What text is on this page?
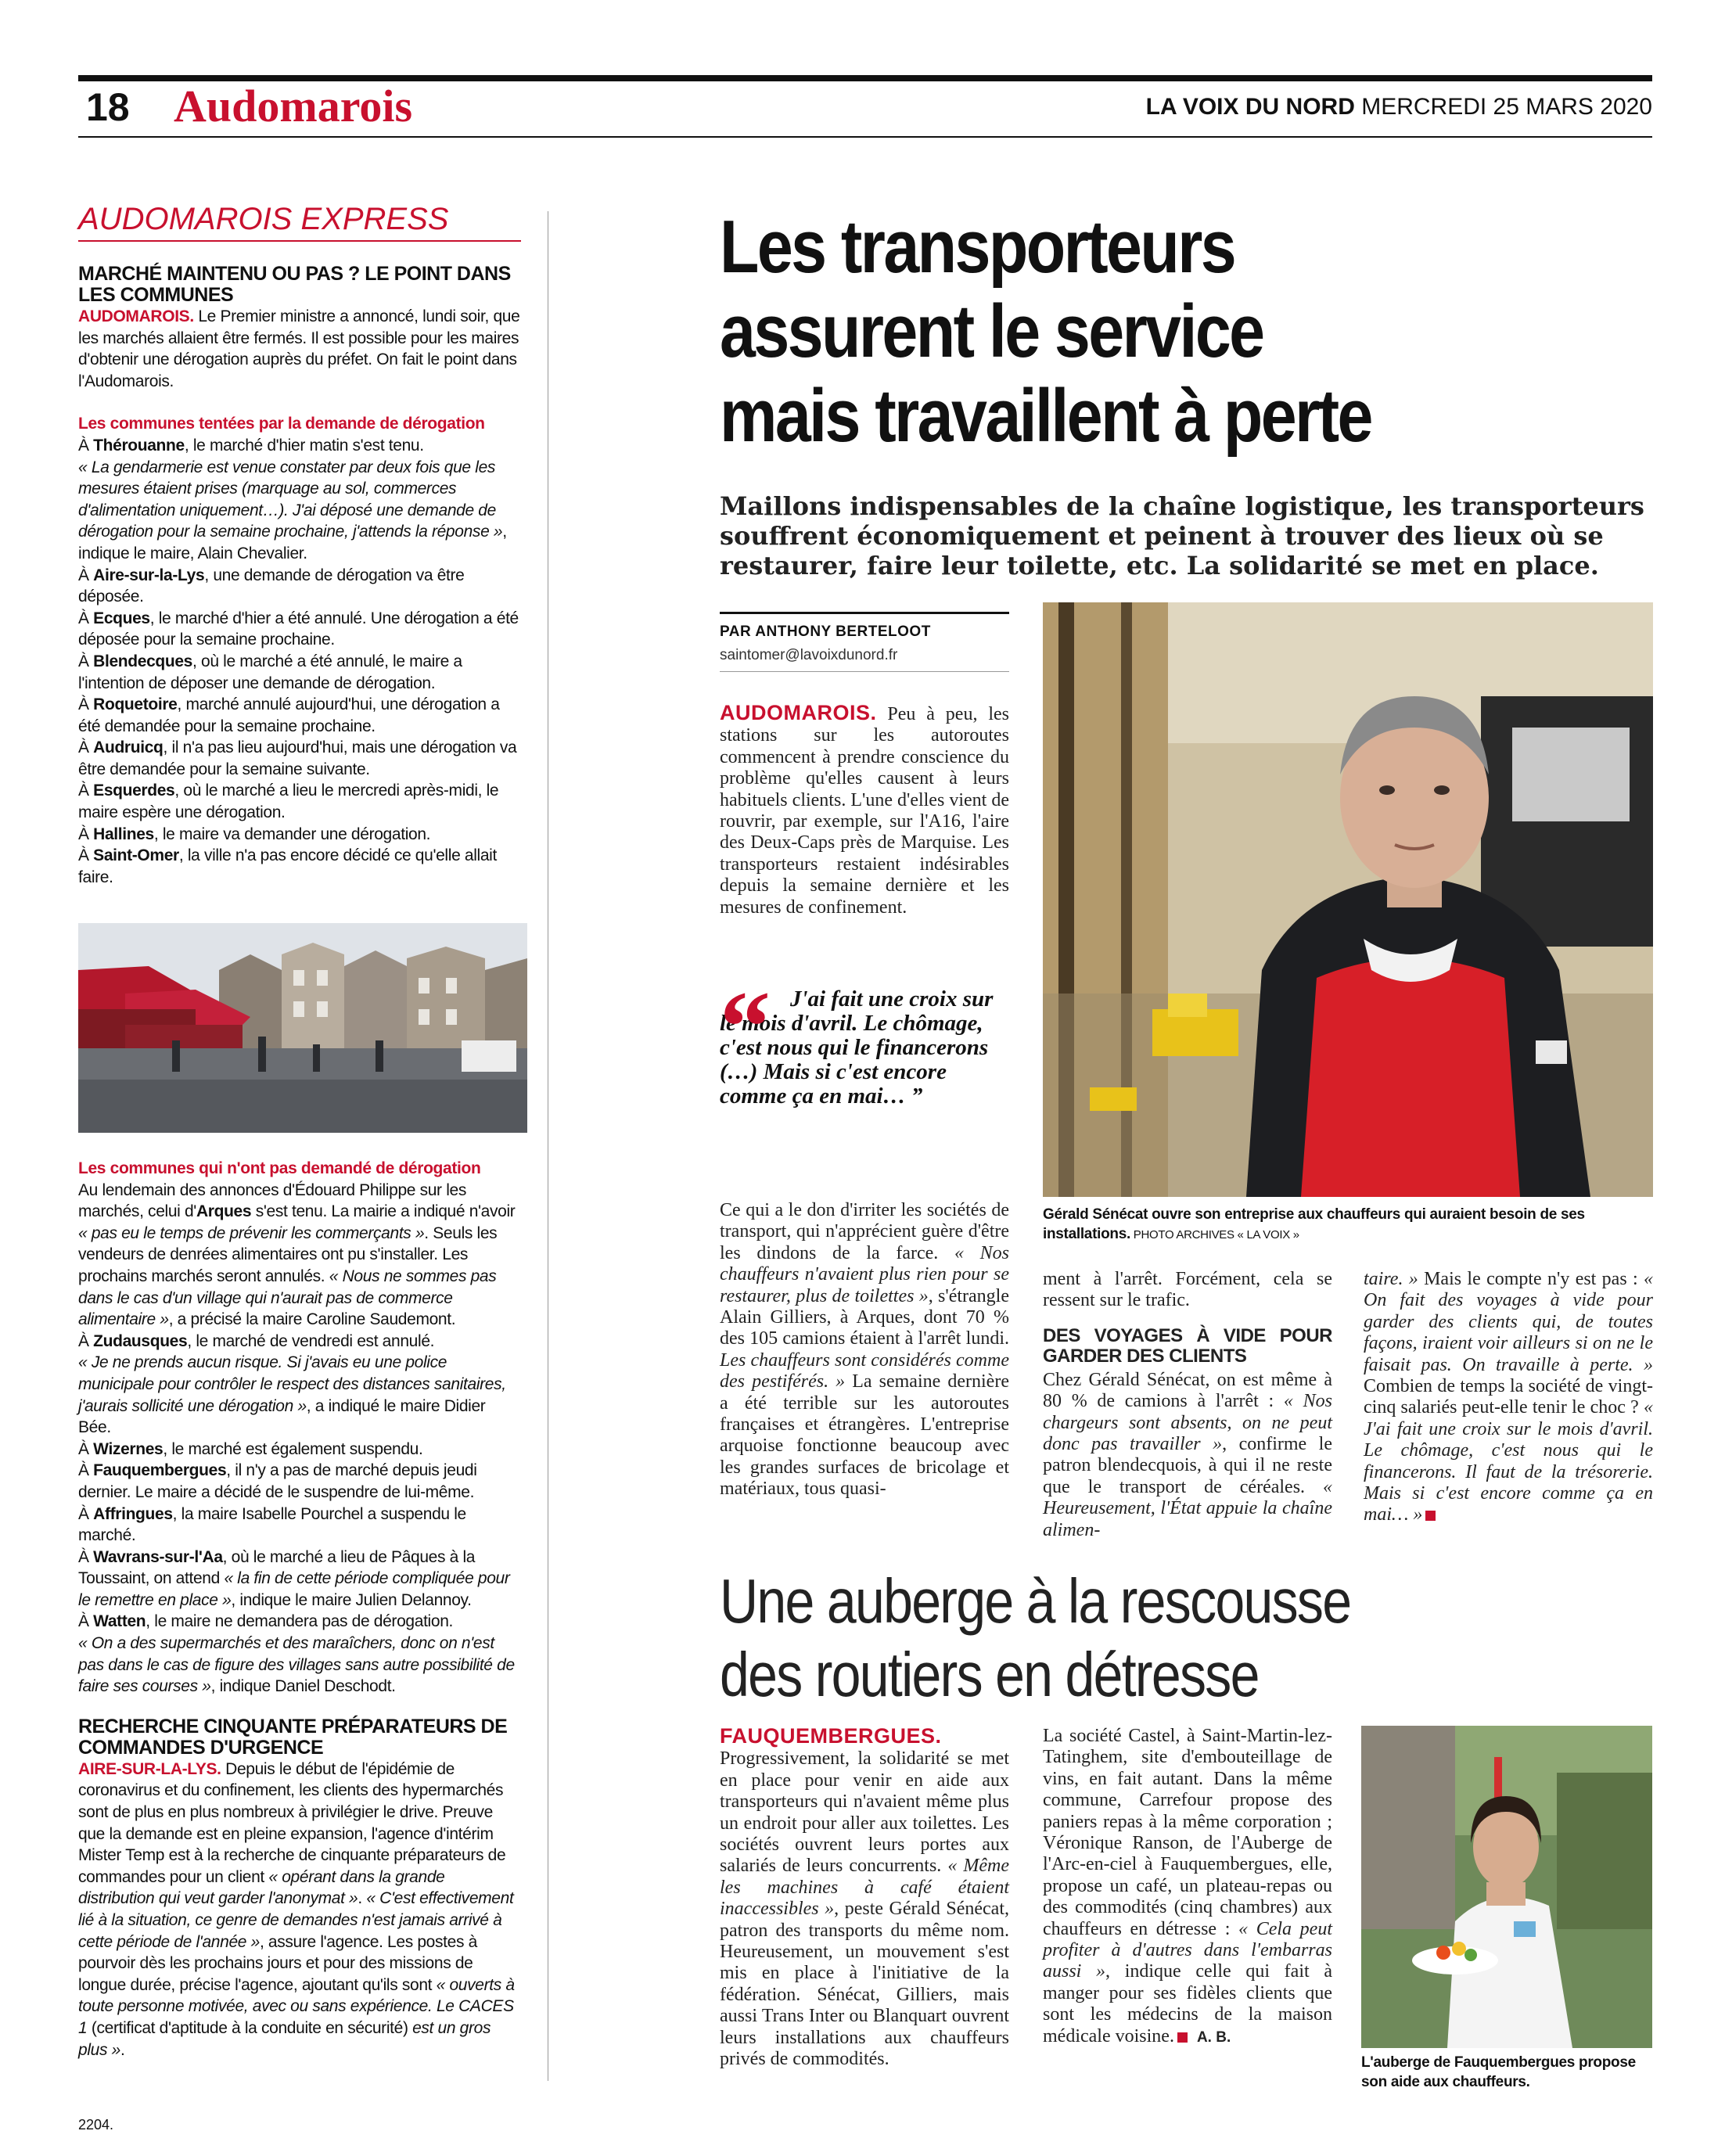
18 Audomarois	LA VOIX DU NORD MERCREDI 25 MARS 2020
AUDOMAROIS EXPRESS
MARCHÉ MAINTENU OU PAS ? LE POINT DANS LES COMMUNES
AUDOMAROIS. Le Premier ministre a annoncé, lundi soir, que les marchés allaient être fermés. Il est possible pour les maires d'obtenir une dérogation auprès du préfet. On fait le point dans l'Audomarois.
Les communes tentées par la demande de dérogation
À Thérouanne, le marché d'hier matin s'est tenu.
« La gendarmerie est venue constater par deux fois que les mesures étaient prises (marquage au sol, commerces d'alimentation uniquement…). J'ai déposé une demande de dérogation pour la semaine prochaine, j'attends la réponse », indique le maire, Alain Chevalier.
À Aire-sur-la-Lys, une demande de dérogation va être déposée.
À Ecques, le marché d'hier a été annulé. Une dérogation a été déposée pour la semaine prochaine.
À Blendecques, où le marché a été annulé, le maire a l'intention de déposer une demande de dérogation.
À Roquetoire, marché annulé aujourd'hui, une dérogation a été demandée pour la semaine prochaine.
À Audruicq, il n'a pas lieu aujourd'hui, mais une dérogation va être demandée pour la semaine suivante.
À Esquerdes, où le marché a lieu le mercredi après-midi, le maire espère une dérogation.
À Hallines, le maire va demander une dérogation.
À Saint-Omer, la ville n'a pas encore décidé ce qu'elle allait faire.
Les communes qui n'ont pas demandé de dérogation
Au lendemain des annonces d'Édouard Philippe sur les marchés, celui d'Arques s'est tenu. La mairie a indiqué n'avoir « pas eu le temps de prévenir les commerçants ». Seuls les vendeurs de denrées alimentaires ont pu s'installer. Les prochains marchés seront annulés. « Nous ne sommes pas dans le cas d'un village qui n'aurait pas de commerce alimentaire », a précisé la maire Caroline Saudemont.
À Zudausques, le marché de vendredi est annulé.
« Je ne prends aucun risque. Si j'avais eu une police municipale pour contrôler le respect des distances sanitaires, j'aurais sollicité une dérogation », a indiqué le maire Didier Bée.
À Wizernes, le marché est également suspendu.
À Fauquembergues, il n'y a pas de marché depuis jeudi dernier. Le maire a décidé de le suspendre de lui-même.
À Affringues, la maire Isabelle Pourchel a suspendu le marché.
À Wavrans-sur-l'Aa, où le marché a lieu de Pâques à la Toussaint, on attend « la fin de cette période compliquée pour le remettre en place », indique le maire Julien Delannoy.
À Watten, le maire ne demandera pas de dérogation.
« On a des supermarchés et des maraîchers, donc on n'est pas dans le cas de figure des villages sans autre possibilité de faire ses courses », indique Daniel Deschodt.
RECHERCHE CINQUANTE PRÉPARATEURS DE COMMANDES D'URGENCE
AIRE-SUR-LA-LYS. Depuis le début de l'épidémie de coronavirus et du confinement, les clients des hypermarchés sont de plus en plus nombreux à privilégier le drive. Preuve que la demande est en pleine expansion, l'agence d'intérim Mister Temp est à la recherche de cinquante préparateurs de commandes pour un client « opérant dans la grande distribution qui veut garder l'anonymat ». « C'est effectivement lié à la situation, ce genre de demandes n'est jamais arrivé à cette période de l'année », assure l'agence. Les postes à pourvoir dès les prochains jours et pour des missions de longue durée, précise l'agence, ajoutant qu'ils sont « ouverts à toute personne motivée, avec ou sans expérience. Le CACES 1 (certificat d'aptitude à la conduite en sécurité) est un gros plus ».
Les transporteurs
assurent le service
mais travaillent à perte
Maillons indispensables de la chaîne logistique, les transporteurs souffrent économiquement et peinent à trouver des lieux où se restaurer, faire leur toilette, etc. La solidarité se met en place.
PAR ANTHONY BERTELOOT
saintomer@lavoixdunord.fr
AUDOMAROIS. Peu à peu, les stations sur les autoroutes commencent à prendre conscience du problème qu'elles causent à leurs habituels clients. L'une d'elles vient de rouvrir, par exemple, sur l'A16, l'aire des Deux-Caps près de Marquise. Les transporteurs restaient indésirables depuis la semaine dernière et les mesures de confinement.
“ J'ai fait une croix sur le mois d'avril. Le chômage, c'est nous qui le financerons (…) Mais si c'est encore comme ça en mai… ”
Ce qui a le don d'irriter les sociétés de transport, qui n'apprécient guère d'être les dindons de la farce. « Nos chauffeurs n'avaient plus rien pour se restaurer, plus de toilettes », s'étrangle Alain Gilliers, à Arques, dont 70 % des 105 camions étaient à l'arrêt lundi. Les chauffeurs sont considérés comme des pestiférés. » La semaine dernière a été terrible sur les autoroutes françaises et étrangères. L'entreprise arquoise fonctionne beaucoup avec les grandes surfaces de bricolage et matériaux, tous quasi-
Gérald Sénécat ouvre son entreprise aux chauffeurs qui auraient besoin de ses installations. PHOTO ARCHIVES « LA VOIX »
ment à l'arrêt. Forcément, cela se ressent sur le trafic.
DES VOYAGES À VIDE POUR GARDER DES CLIENTS
Chez Gérald Sénécat, on est même à 80 % de camions à l'arrêt : « Nos chargeurs sont absents, on ne peut donc pas travailler », confirme le patron blendecquois, à qui il ne reste que le transport de céréales. « Heureusement, l'État appuie la chaîne alimen-
taire. » Mais le compte n'y est pas : « On fait des voyages à vide pour garder des clients qui, de toutes façons, iraient voir ailleurs si on ne le faisait pas. On travaille à perte. » Combien de temps la société de vingt-cinq salariés peut-elle tenir le choc ? « J'ai fait une croix sur le mois d'avril. Le chômage, c'est nous qui le financerons. Il faut de la trésorerie. Mais si c'est encore comme ça en mai… »
Une auberge à la rescousse
des routiers en détresse
FAUQUEMBERGUES. Progressivement, la solidarité se met en place pour venir en aide aux transporteurs qui n'avaient même plus un endroit pour aller aux toilettes. Les sociétés ouvrent leurs portes aux salariés de leurs concurrents. « Même les machines à café étaient inaccessibles », peste Gérald Sénécat, patron des transports du même nom. Heureusement, un mouvement s'est mis en place à l'initiative de la fédération. Sénécat, Gilliers, mais aussi Trans Inter ou Blanquart ouvrent leurs installations aux chauffeurs privés de commodités.
La société Castel, à Saint-Martin-lez-Tatinghem, site d'embouteillage de vins, en fait autant. Dans la même commune, Carrefour propose des paniers repas à la même corporation ; Véronique Ranson, de l'Auberge de l'Arc-en-ciel à Fauquembergues, elle, propose un café, un plateau-repas ou des commodités (cinq chambres) aux chauffeurs en détresse : « Cela peut profiter à d'autres dans l'embarras aussi », indique celle qui fait à manger pour ses fidèles clients que sont les médecins de la maison médicale voisine. A. B.
L'auberge de Fauquembergues propose son aide aux chauffeurs.
2204.
